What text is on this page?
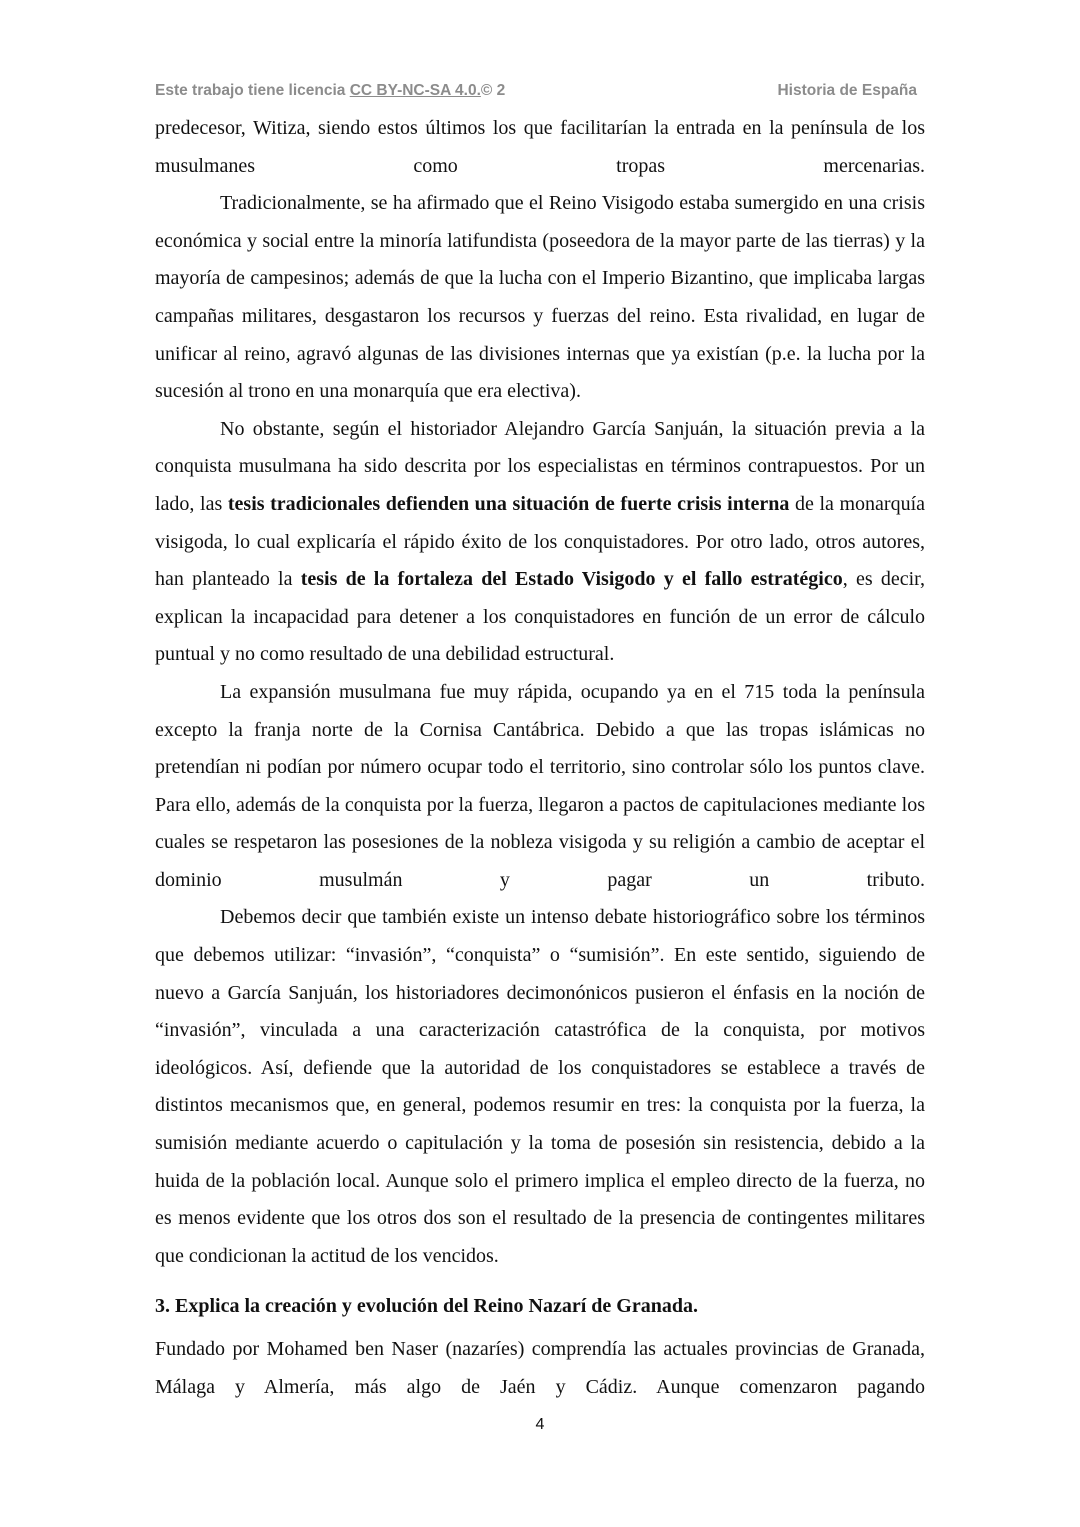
Este trabajo tiene licencia CC BY-NC-SA 4.0.© 2	Historia de España

predecesor, Witiza, siendo estos últimos los que facilitarían la entrada en la península de los musulmanes como tropas mercenarias.

Tradicionalmente, se ha afirmado que el Reino Visigodo estaba sumergido en una crisis económica y social entre la minoría latifundista (poseedora de la mayor parte de las tierras) y la mayoría de campesinos; además de que la lucha con el Imperio Bizantino, que implicaba largas campañas militares, desgastaron los recursos y fuerzas del reino. Esta rivalidad, en lugar de unificar al reino, agravó algunas de las divisiones internas que ya existían (p.e. la lucha por la sucesión al trono en una monarquía que era electiva).

No obstante, según el historiador Alejandro García Sanjuán, la situación previa a la conquista musulmana ha sido descrita por los especialistas en términos contrapuestos. Por un lado, las tesis tradicionales defienden una situación de fuerte crisis interna de la monarquía visigoda, lo cual explicaría el rápido éxito de los conquistadores. Por otro lado, otros autores, han planteado la tesis de la fortaleza del Estado Visigodo y el fallo estratégico, es decir, explican la incapacidad para detener a los conquistadores en función de un error de cálculo puntual y no como resultado de una debilidad estructural.

La expansión musulmana fue muy rápida, ocupando ya en el 715 toda la península excepto la franja norte de la Cornisa Cantábrica. Debido a que las tropas islámicas no pretendían ni podían por número ocupar todo el territorio, sino controlar sólo los puntos clave. Para ello, además de la conquista por la fuerza, llegaron a pactos de capitulaciones mediante los cuales se respetaron las posesiones de la nobleza visigoda y su religión a cambio de aceptar el dominio musulmán y pagar un tributo.

Debemos decir que también existe un intenso debate historiográfico sobre los términos que debemos utilizar: “invasión”, “conquista” o “sumisión”. En este sentido, siguiendo de nuevo a García Sanjuán, los historiadores decimonónicos pusieron el énfasis en la noción de “invasión”, vinculada a una caracterización catastrófica de la conquista, por motivos ideológicos. Así, defiende que la autoridad de los conquistadores se establece a través de distintos mecanismos que, en general, podemos resumir en tres: la conquista por la fuerza, la sumisión mediante acuerdo o capitulación y la toma de posesión sin resistencia, debido a la huida de la población local. Aunque solo el primero implica el empleo directo de la fuerza, no es menos evidente que los otros dos son el resultado de la presencia de contingentes militares que condicionan la actitud de los vencidos.

3. Explica la creación y evolución del Reino Nazarí de Granada.

Fundado por Mohamed ben Naser (nazaríes) comprendía las actuales provincias de Granada, Málaga y Almería, más algo de Jaén y Cádiz. Aunque comenzaron pagando

4
